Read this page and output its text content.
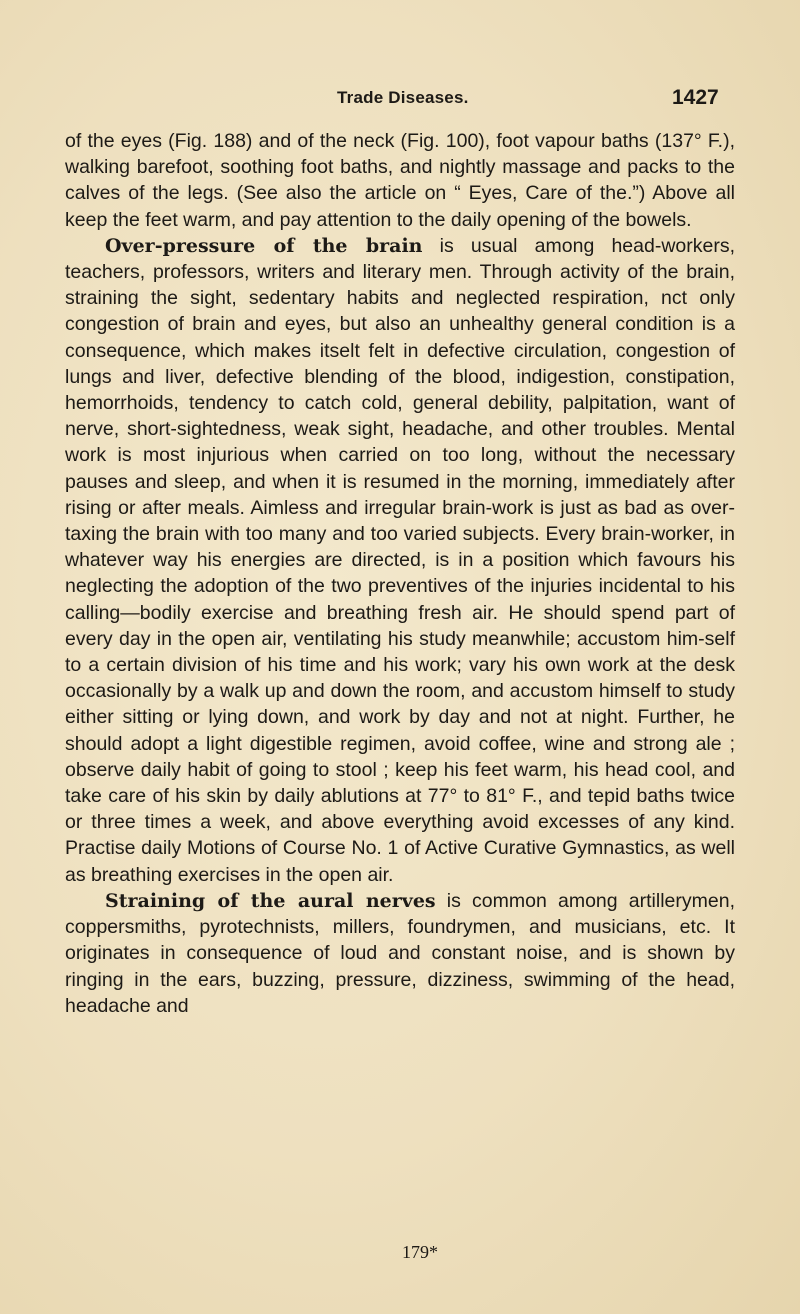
Trade Diseases.	1427

of the eyes (Fig. 188) and of the neck (Fig. 100), foot vapour baths (137° F.), walking barefoot, soothing foot baths, and nightly massage and packs to the calves of the legs. (See also the article on “ Eyes, Care of the.”) Above all keep the feet warm, and pay attention to the daily opening of the bowels.

Over-pressure of the brain is usual among head-workers, teachers, professors, writers and literary men. Through activity of the brain, straining the sight, sedentary habits and neglected respiration, nct only congestion of brain and eyes, but also an unhealthy general condition is a consequence, which makes itselt felt in defective circulation, congestion of lungs and liver, defective blending of the blood, indigestion, constipation, hemorrhoids, tendency to catch cold, general debility, palpitation, want of nerve, short-sightedness, weak sight, headache, and other troubles. Mental work is most injurious when carried on too long, without the necessary pauses and sleep, and when it is resumed in the morning, immediately after rising or after meals. Aimless and irregular brain-work is just as bad as over-taxing the brain with too many and too varied subjects. Every brain-worker, in whatever way his energies are directed, is in a position which favours his neglecting the adoption of the two preventives of the injuries incidental to his calling—bodily exercise and breathing fresh air. He should spend part of every day in the open air, ventilating his study meanwhile; accustom him-self to a certain division of his time and his work; vary his own work at the desk occasionally by a walk up and down the room, and accustom himself to study either sitting or lying down, and work by day and not at night. Further, he should adopt a light digestible regimen, avoid coffee, wine and strong ale ; observe daily habit of going to stool ; keep his feet warm, his head cool, and take care of his skin by daily ablutions at 77° to 81° F., and tepid baths twice or three times a week, and above everything avoid excesses of any kind. Practise daily Motions of Course No. 1 of Active Curative Gymnastics, as well as breathing exercises in the open air.

Straining of the aural nerves is common among artillerymen, coppersmiths, pyrotechnists, millers, foundrymen, and musicians, etc. It originates in consequence of loud and constant noise, and is shown by ringing in the ears, buzzing, pressure, dizziness, swimming of the head, headache and

179*
